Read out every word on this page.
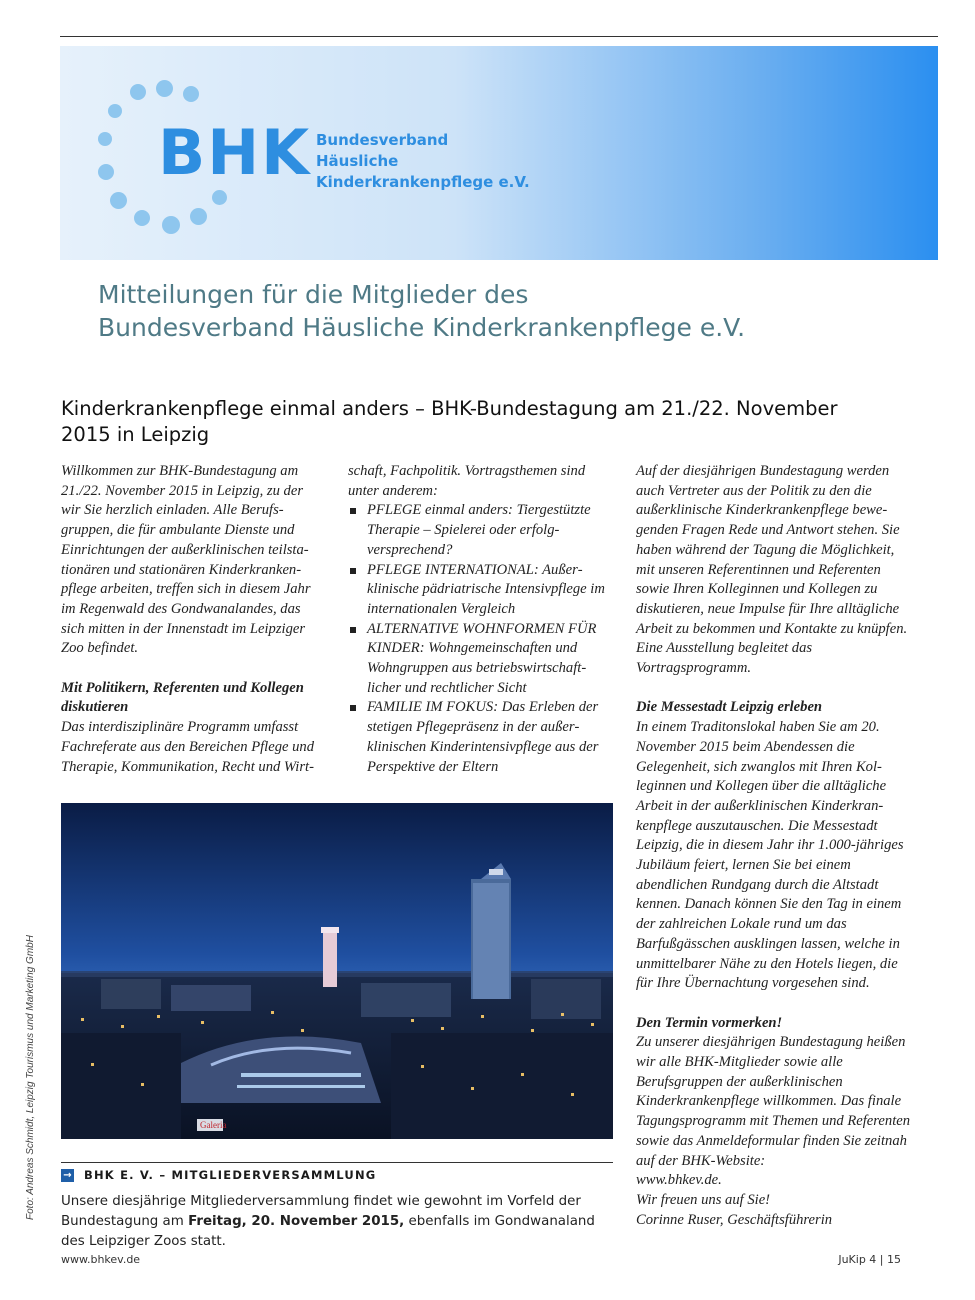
BHK Bundesverband
Häusliche
Kinderkrankenpflege e.V.
Mitteilungen für die Mitglieder des
Bundesverband Häusliche Kinderkrankenpflege e.V.
Kinderkrankenpflege einmal anders – BHK-Bundestagung am 21./22. November 2015 in Leipzig

Willkommen zur BHK-Bundestagung am 21./22. November 2015 in Leipzig, zu der wir Sie herzlich einladen. Alle Berufsgruppen, die für ambulante Dienste und Einrichtungen der außerklinischen teilstationären und stationären Kinderkrankenpflege arbeiten, treffen sich in diesem Jahr im Regenwald des Gondwanalandes, das sich mitten in der Innenstadt im Leipziger Zoo befindet.

Mit Politikern, Referenten und Kollegen diskutieren

Das interdisziplinäre Programm umfasst Fachreferate aus den Bereichen Pflege und Therapie, Kommunikation, Recht und Wirt-

schaft, Fachpolitik. Vortragsthemen sind unter anderem:

PFLEGE einmal anders: Tiergestützte Therapie – Spielerei oder erfolgversprechend?
PFLEGE INTERNATIONAL: Außerklinische pädriatrische Intensivpflege im internationalen Vergleich
ALTERNATIVE WOHNFORMEN FÜR KINDER: Wohngemeinschaften und Wohngruppen aus betriebswirtschaftlicher und rechtlicher Sicht
FAMILIE IM FOKUS: Das Erleben der stetigen Pflegepräsenz in der außerklinischen Kinderintensivpflege aus der Perspektive der Eltern

Auf der diesjährigen Bundestagung werden auch Vertreter aus der Politik zu den die außerklinische Kinderkrankenpflege bewegenden Fragen Rede und Antwort stehen. Sie haben während der Tagung die Möglichkeit, mit unseren Referentinnen und Referenten sowie Ihren Kolleginnen und Kollegen zu diskutieren, neue Impulse für Ihre alltägliche Arbeit zu bekommen und Kontakte zu knüpfen. Eine Ausstellung begleitet das Vortragsprogramm.

Die Messestadt Leipzig erleben

In einem Traditonslokal haben Sie am 20. November 2015 beim Abendessen die Gelegenheit, sich zwanglos mit Ihren Kolleginnen und Kollegen über die alltägliche Arbeit in der außerklinischen Kinderkrankenpflege auszutauschen. Die Messestadt Leipzig, die in diesem Jahr ihr 1.000-jähriges Jubiläum feiert, lernen Sie bei einem abendlichen Rundgang durch die Altstadt kennen. Danach können Sie den Tag in einem der zahlreichen Lokale rund um das Barfußgässchen ausklingen lassen, welche in unmittelbarer Nähe zu den Hotels liegen, die für Ihre Übernachtung vorgesehen sind.

Den Termin vormerken!

Zu unserer diesjährigen Bundestagung heißen wir alle BHK-Mitglieder sowie alle Berufsgruppen der außerklinischen Kinderkrankenpflege willkommen. Das finale Tagungsprogramm mit Themen und Referenten sowie das Anmeldeformular finden Sie zeitnah auf der BHK-Website:

www.bhkev.de.

Wir freuen uns auf Sie!

Corinne Ruser, Geschäftsführerin

Galeria
Foto: Andreas Schmidt, Leipzig Tourismus und Marketing GmbH	→ BHK E. V. – MITGLIEDERVERSAMMLUNG
Unsere diesjährige Mitgliederversammlung findet wie gewohnt im Vorfeld der Bundestagung am Freitag, 20. November 2015, ebenfalls im Gondwanaland des Leipziger Zoos statt.
www.bhkev.de	JuKip 4 | 15
